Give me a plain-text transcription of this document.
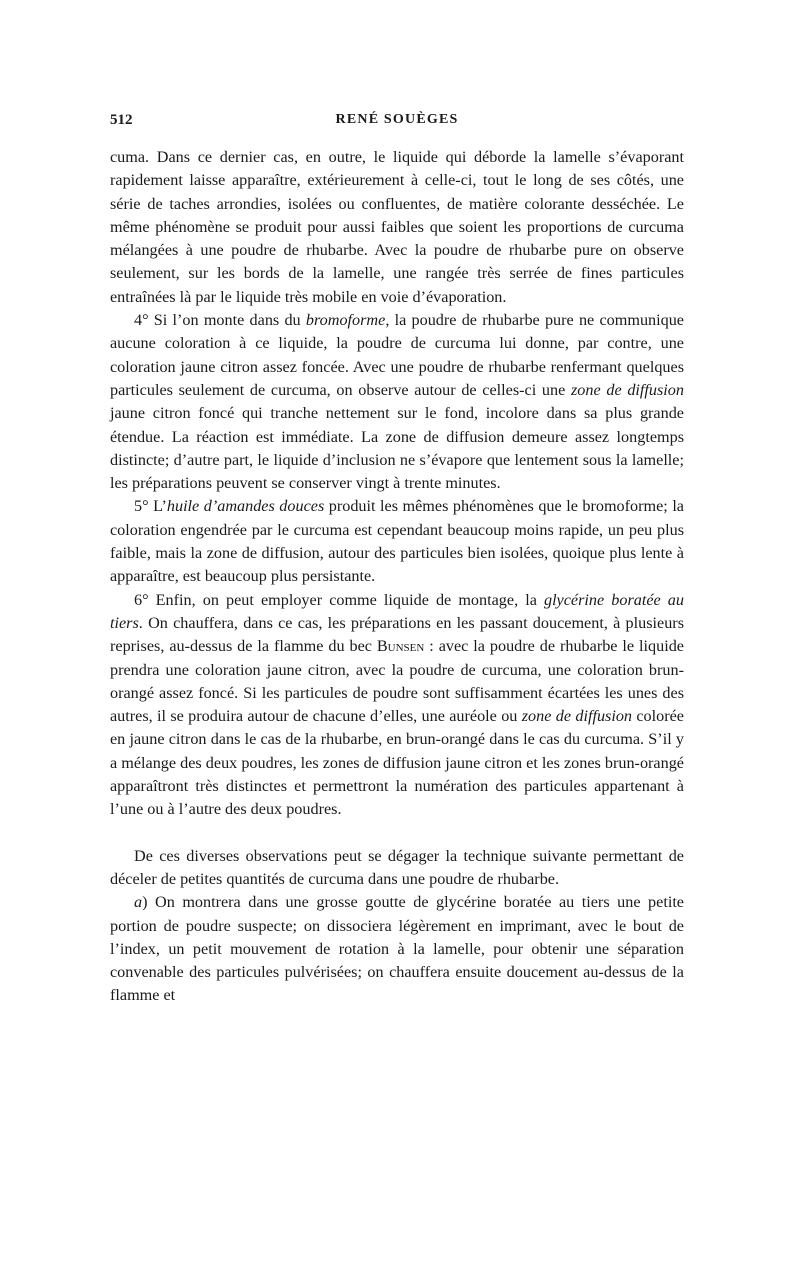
512	RENÉ SOUÈGES

cuma. Dans ce dernier cas, en outre, le liquide qui déborde la lamelle s’évaporant rapidement laisse apparaître, extérieurement à celle-ci, tout le long de ses côtés, une série de taches arrondies, isolées ou confluentes, de matière colorante desséchée. Le même phénomène se produit pour aussi faibles que soient les proportions de curcuma mélangées à une poudre de rhubarbe. Avec la poudre de rhubarbe pure on observe seulement, sur les bords de la lamelle, une rangée très serrée de fines particules entraînées là par le liquide très mobile en voie d’évaporation.

4° Si l’on monte dans du bromoforme, la poudre de rhubarbe pure ne communique aucune coloration à ce liquide, la poudre de curcuma lui donne, par contre, une coloration jaune citron assez foncée. Avec une poudre de rhubarbe renfermant quelques particules seulement de curcuma, on observe autour de celles-ci une zone de diffusion jaune citron foncé qui tranche nettement sur le fond, incolore dans sa plus grande étendue. La réaction est immédiate. La zone de diffusion demeure assez longtemps distincte; d’autre part, le liquide d’inclusion ne s’évapore que lentement sous la lamelle; les préparations peuvent se conserver vingt à trente minutes.

5° L’huile d’amandes douces produit les mêmes phénomènes que le bromoforme; la coloration engendrée par le curcuma est cependant beaucoup moins rapide, un peu plus faible, mais la zone de diffusion, autour des particules bien isolées, quoique plus lente à apparaître, est beaucoup plus persistante.

6° Enfin, on peut employer comme liquide de montage, la glycérine boratée au tiers. On chauffera, dans ce cas, les préparations en les passant doucement, à plusieurs reprises, au-dessus de la flamme du bec Bunsen : avec la poudre de rhubarbe le liquide prendra une coloration jaune citron, avec la poudre de curcuma, une coloration brun-orangé assez foncé. Si les particules de poudre sont suffisamment écartées les unes des autres, il se produira autour de chacune d’elles, une auréole ou zone de diffusion colorée en jaune citron dans le cas de la rhubarbe, en brun-orangé dans le cas du curcuma. S’il y a mélange des deux poudres, les zones de diffusion jaune citron et les zones brun-orangé apparaîtront très distinctes et permettront la numération des particules appartenant à l’une ou à l’autre des deux poudres.

De ces diverses observations peut se dégager la technique suivante permettant de déceler de petites quantités de curcuma dans une poudre de rhubarbe.

a) On montrera dans une grosse goutte de glycérine boratée au tiers une petite portion de poudre suspecte; on dissociera légèrement en imprimant, avec le bout de l’index, un petit mouvement de rotation à la lamelle, pour obtenir une séparation convenable des particules pulvérisées; on chauffera ensuite doucement au-dessus de la flamme et
